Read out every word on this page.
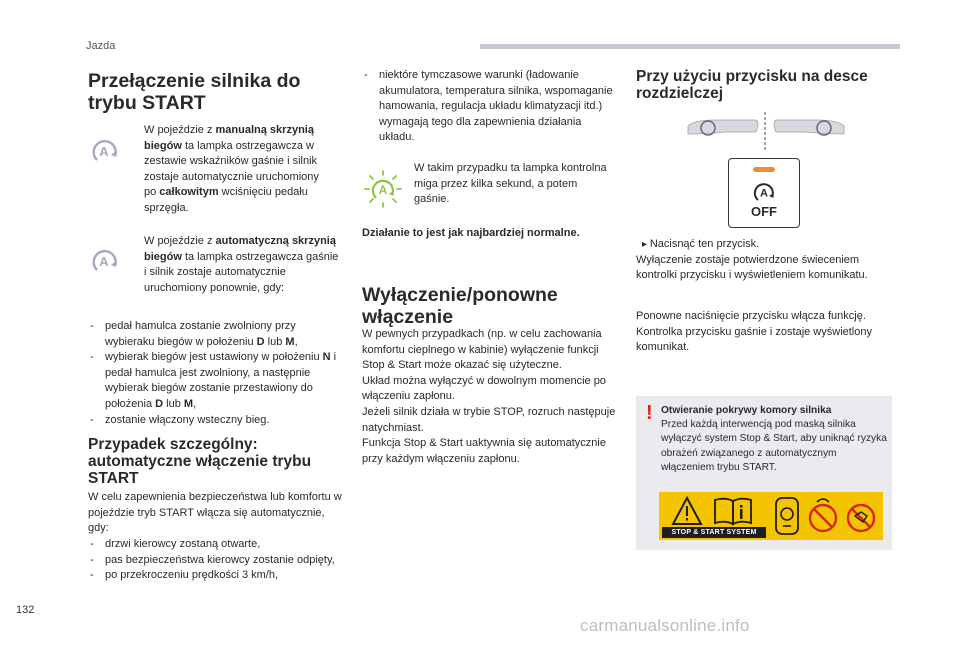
Jazda
Przełączenie silnika do trybu START
A
W pojeździe z manualną skrzynią biegów ta lampka ostrzegawcza w zestawie wskaźników gaśnie i silnik zostaje automatycznie uruchomiony po całkowitym wciśnięciu pedału sprzęgła.
A
W pojeździe z automatyczną skrzynią biegów ta lampka ostrzegawcza gaśnie i silnik zostaje automatycznie uruchomiony ponownie, gdy:
- pedał hamulca zostanie zwolniony przy wybieraku biegów w położeniu D lub M,
- wybierak biegów jest ustawiony w położeniu N i pedał hamulca jest zwolniony, a następnie wybierak biegów zostanie przestawiony do położenia D lub M,
- zostanie włączony wsteczny bieg.
Przypadek szczególny: automatyczne włączenie trybu START
W celu zapewnienia bezpieczeństwa lub komfortu w pojeździe tryb START włącza się automatycznie, gdy:
- drzwi kierowcy zostaną otwarte,
- pas bezpieczeństwa kierowcy zostanie odpięty,
- po przekroczeniu prędkości 3 km/h,
- niektóre tymczasowe warunki (ładowanie akumulatora, temperatura silnika, wspomaganie hamowania, regulacja układu klimatyzacji itd.) wymagają tego dla zapewnienia działania układu.
A
W takim przypadku ta lampka kontrolna miga przez kilka sekund, a potem gaśnie.
Działanie to jest jak najbardziej normalne.
Wyłączenie/ponowne włączenie
W pewnych przypadkach (np. w celu zachowania komfortu cieplnego w kabinie) wyłączenie funkcji Stop & Start może okazać się użyteczne.
Układ można wyłączyć w dowolnym momencie po włączeniu zapłonu.
Jeżeli silnik działa w trybie STOP, rozruch następuje natychmiast.
Funkcja Stop & Start uaktywnia się automatycznie przy każdym włączeniu zapłonu.
Przy użyciu przycisku na desce rozdzielczej
A
OFF
▸ Nacisnąć ten przycisk.
Wyłączenie zostaje potwierdzone świeceniem kontrolki przycisku i wyświetleniem komunikatu.
Ponowne naciśnięcie przycisku włącza funkcję. Kontrolka przycisku gaśnie i zostaje wyświetlony komunikat.
! Otwieranie pokrywy komory silnika
Przed każdą interwencją pod maską silnika wyłączyć system Stop & Start, aby uniknąć ryzyka obrażeń związanego z automatycznym włączeniem trybu START.
STOP & START SYSTEM
132
carmanualsonline.info
